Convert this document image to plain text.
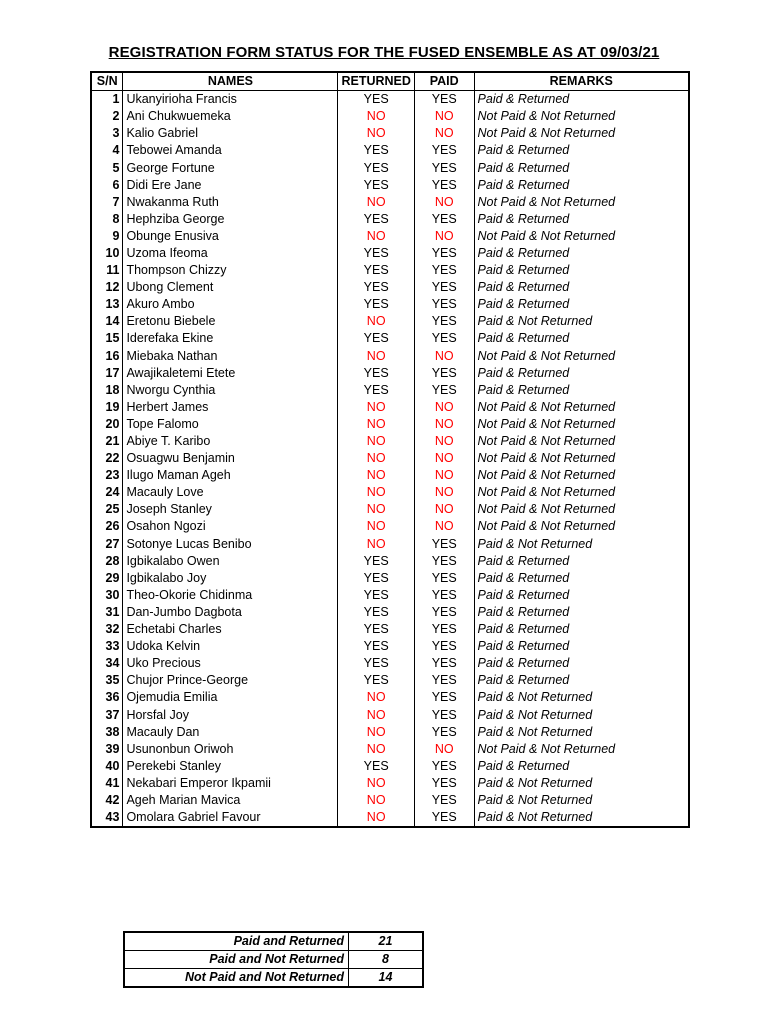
REGISTRATION FORM STATUS FOR THE FUSED ENSEMBLE AS AT 09/03/21
S/N	NAMES	RETURNED	PAID	REMARKS
1	Ukanyirioha Francis	YES	YES	Paid & Returned
2	Ani Chukwuemeka	NO	NO	Not Paid & Not Returned
3	Kalio Gabriel	NO	NO	Not Paid & Not Returned
4	Tebowei Amanda	YES	YES	Paid & Returned
5	George Fortune	YES	YES	Paid & Returned
6	Didi Ere Jane	YES	YES	Paid & Returned
7	Nwakanma Ruth	NO	NO	Not Paid & Not Returned
8	Hephziba George	YES	YES	Paid & Returned
9	Obunge Enusiva	NO	NO	Not Paid & Not Returned
10	Uzoma Ifeoma	YES	YES	Paid & Returned
11	Thompson Chizzy	YES	YES	Paid & Returned
12	Ubong Clement	YES	YES	Paid & Returned
13	Akuro Ambo	YES	YES	Paid & Returned
14	Eretonu Biebele	NO	YES	Paid & Not Returned
15	Iderefaka Ekine	YES	YES	Paid & Returned
16	Miebaka Nathan	NO	NO	Not Paid & Not Returned
17	Awajikaletemi Etete	YES	YES	Paid & Returned
18	Nworgu Cynthia	YES	YES	Paid & Returned
19	Herbert James	NO	NO	Not Paid & Not Returned
20	Tope Falomo	NO	NO	Not Paid & Not Returned
21	Abiye T. Karibo	NO	NO	Not Paid & Not Returned
22	Osuagwu Benjamin	NO	NO	Not Paid & Not Returned
23	Ilugo Maman Ageh	NO	NO	Not Paid & Not Returned
24	Macauly Love	NO	NO	Not Paid & Not Returned
25	Joseph Stanley	NO	NO	Not Paid & Not Returned
26	Osahon Ngozi	NO	NO	Not Paid & Not Returned
27	Sotonye Lucas Benibo	NO	YES	Paid & Not Returned
28	Igbikalabo Owen	YES	YES	Paid & Returned
29	Igbikalabo Joy	YES	YES	Paid & Returned
30	Theo-Okorie Chidinma	YES	YES	Paid & Returned
31	Dan-Jumbo Dagbota	YES	YES	Paid & Returned
32	Echetabi Charles	YES	YES	Paid & Returned
33	Udoka Kelvin	YES	YES	Paid & Returned
34	Uko Precious	YES	YES	Paid & Returned
35	Chujor Prince-George	YES	YES	Paid & Returned
36	Ojemudia Emilia	NO	YES	Paid & Not Returned
37	Horsfal Joy	NO	YES	Paid & Not Returned
38	Macauly Dan	NO	YES	Paid & Not Returned
39	Usunonbun Oriwoh	NO	NO	Not Paid & Not Returned
40	Perekebi Stanley	YES	YES	Paid & Returned
41	Nekabari Emperor Ikpamii	NO	YES	Paid & Not Returned
42	Ageh Marian Mavica	NO	YES	Paid & Not Returned
43	Omolara Gabriel Favour	NO	YES	Paid & Not Returned
Paid and Returned	21
Paid and Not Returned	8
Not Paid and Not Returned	14
